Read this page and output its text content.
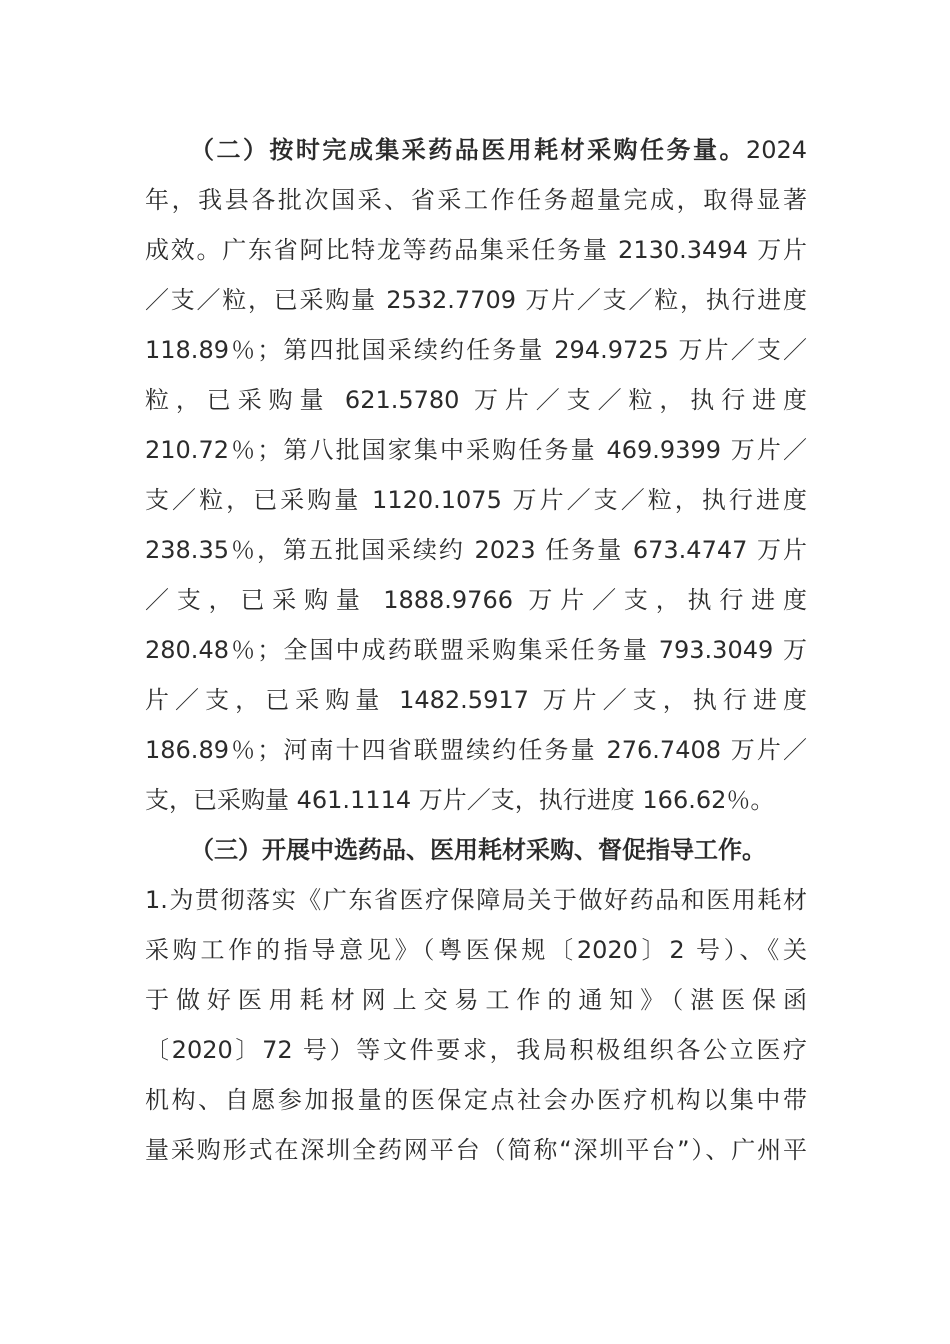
（二）按时完成集采药品医用耗材采购任务量。2024
年，我县各批次国采、省采工作任务超量完成，取得显著
成效。广东省阿比特龙等药品集采任务量 2130.3494 万片
／支／粒，已采购量 2532.7709 万片／支／粒，执行进度
118.89％；第四批国采续约任务量 294.9725 万片／支／
粒，已采购量 621.5780 万片／支／粒，执行进度
210.72％；第八批国家集中采购任务量 469.9399 万片／
支／粒，已采购量 1120.1075 万片／支／粒，执行进度
238.35％，第五批国采续约 2023 任务量 673.4747 万片
／支，已采购量 1888.9766 万片／支，执行进度
280.48％；全国中成药联盟采购集采任务量 793.3049 万
片／支，已采购量 1482.5917 万片／支，执行进度
186.89％；河南十四省联盟续约任务量 276.7408 万片／
支，已采购量 461.1114 万片／支，执行进度 166.62％。
（三）开展中选药品、医用耗材采购、督促指导工作。
1.为贯彻落实《广东省医疗保障局关于做好药品和医用耗材
采购工作的指导意见》（粤医保规〔2020〕2 号）、《关
于做好医用耗材网上交易工作的通知》（湛医保函
〔2020〕72 号）等文件要求，我局积极组织各公立医疗
机构、自愿参加报量的医保定点社会办医疗机构以集中带
量采购形式在深圳全药网平台（简称“深圳平台”）、广州平
